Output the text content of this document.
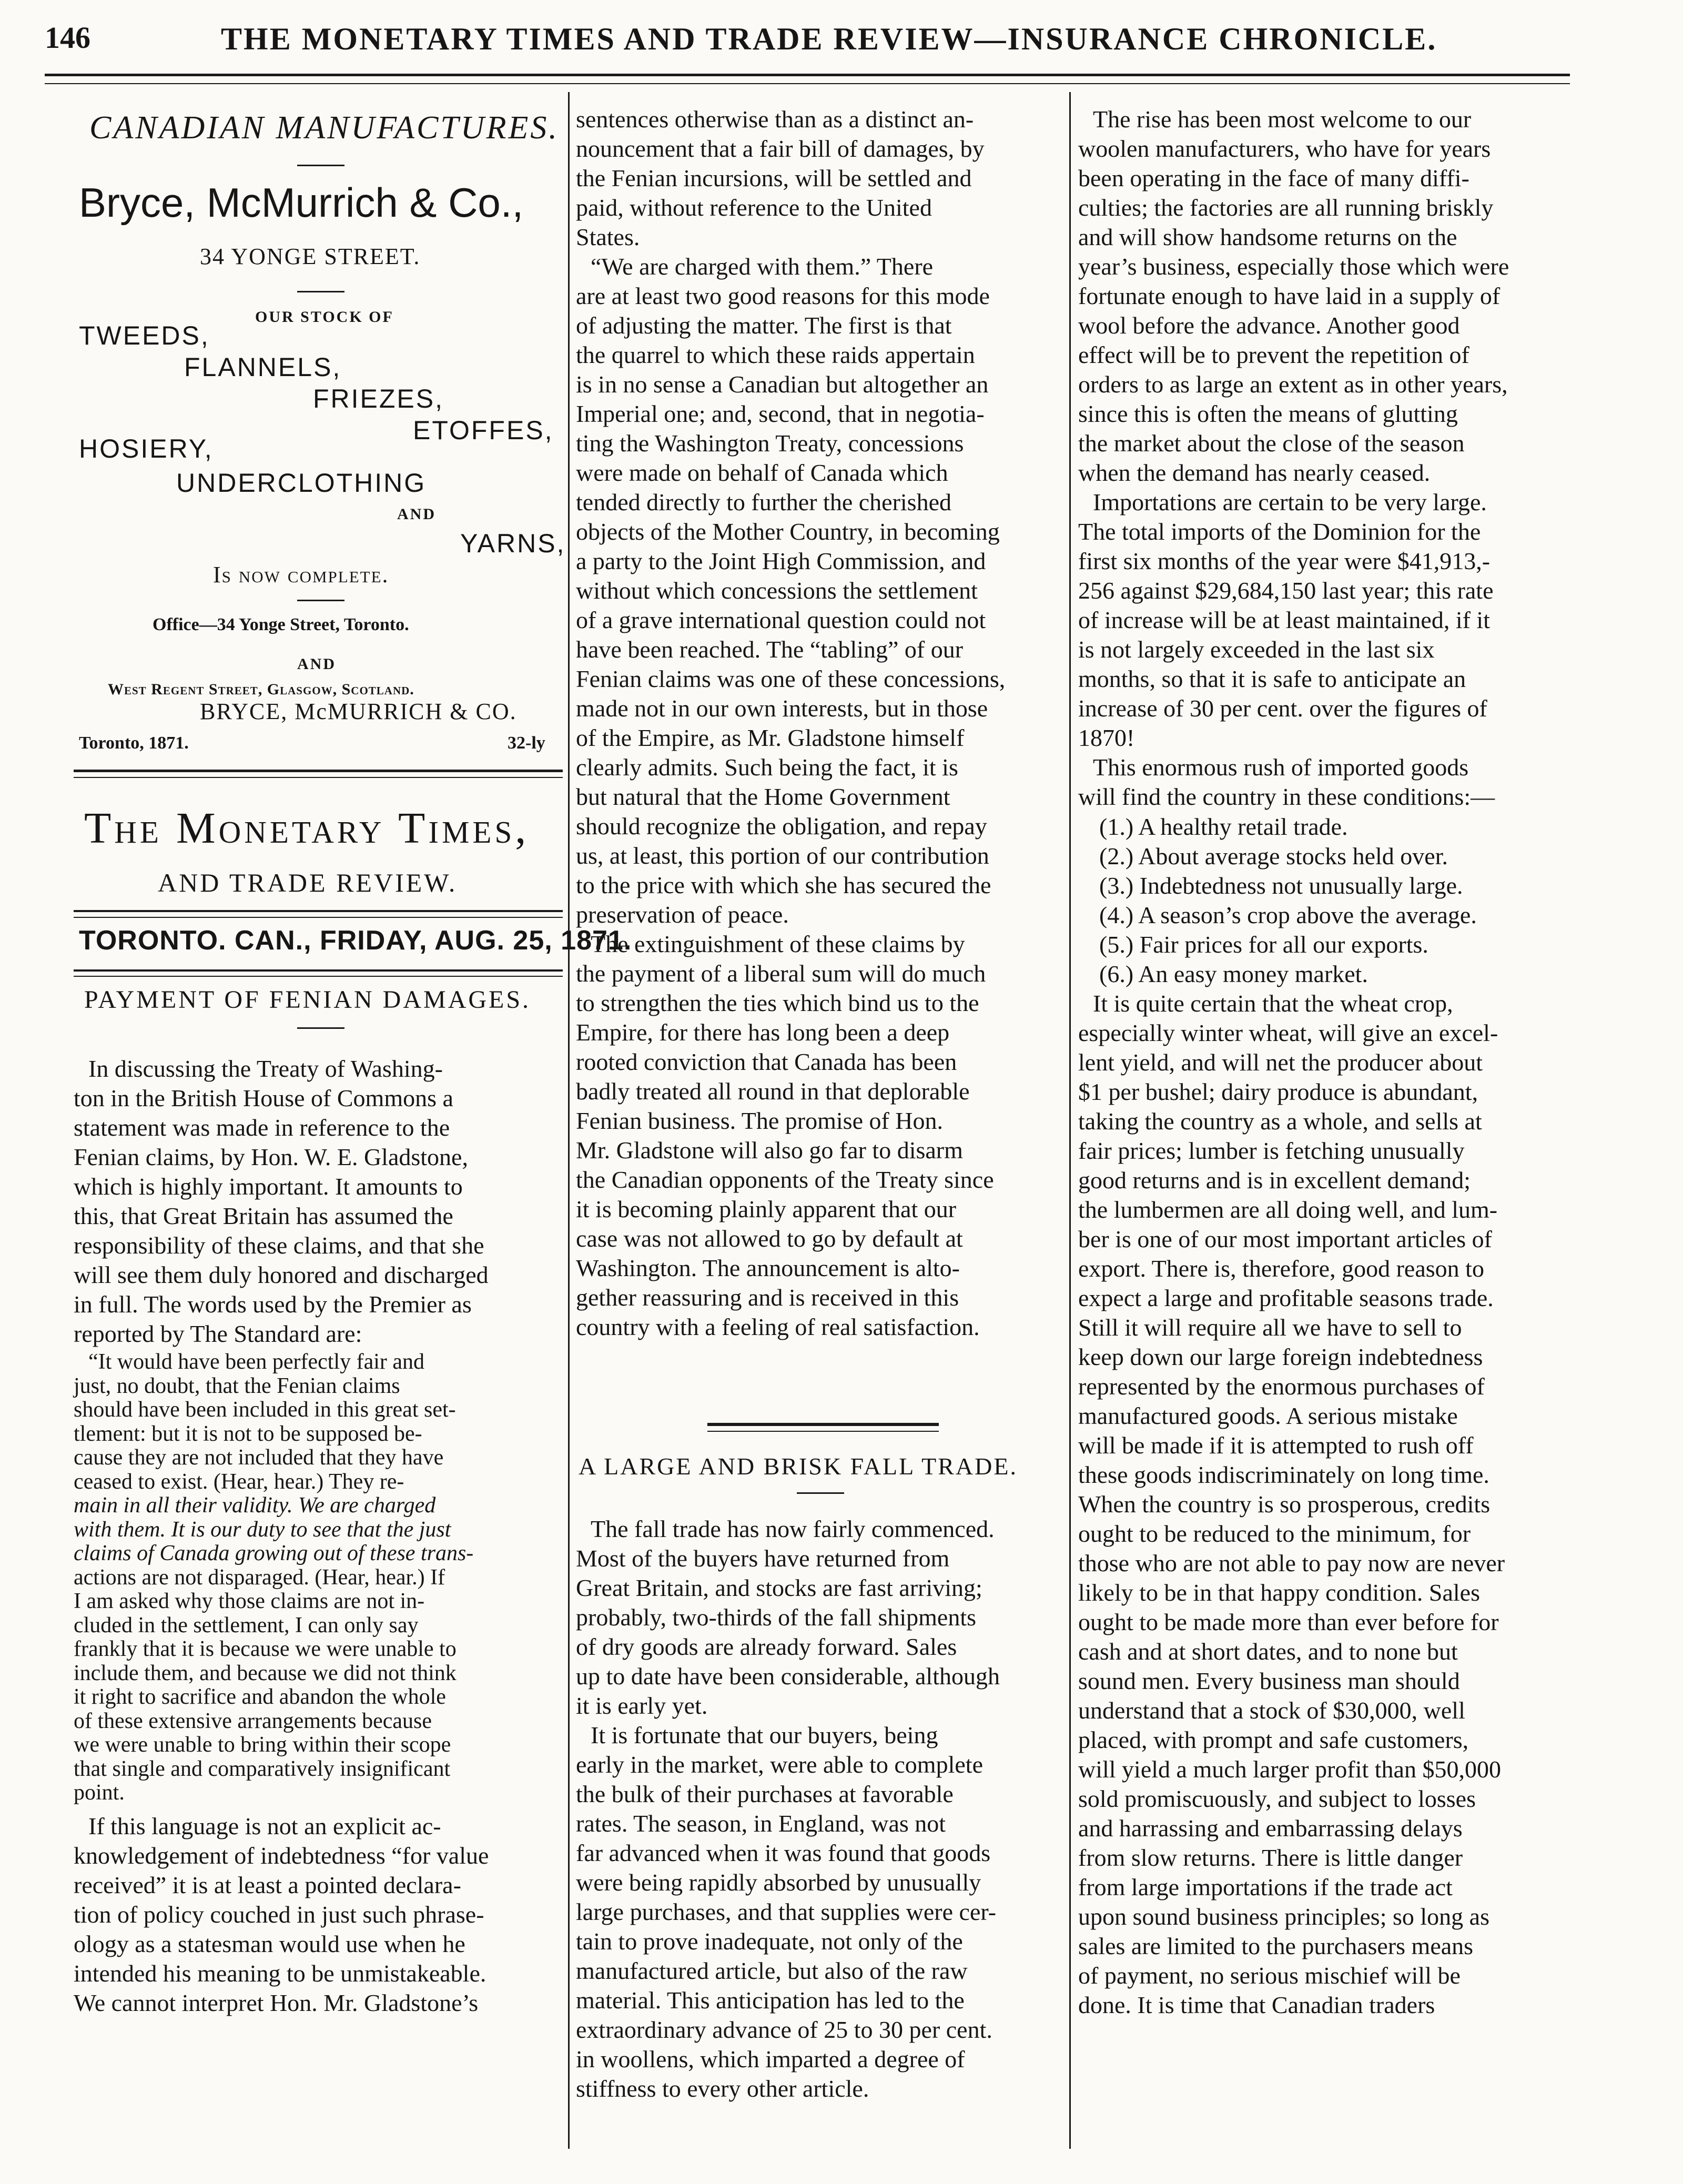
146	THE MONETARY TIMES AND TRADE REVIEW—INSURANCE CHRONICLE.
CANADIAN MANUFACTURES.
Bryce, McMurrich & Co.,
34 YONGE STREET.
OUR STOCK OF
TWEEDS,
FLANNELS,
FRIEZES,
ETOFFES,
HOSIERY,
UNDERCLOTHING
AND
YARNS,
Is now complete.
Office—34 Yonge Street, Toronto.
AND
West Regent Street, Glasgow, Scotland.
BRYCE, McMURRICH & CO.
Toronto, 1871.	32-ly
The Monetary Times,
AND TRADE REVIEW.
TORONTO. CAN., FRIDAY, AUG. 25, 1871.
PAYMENT OF FENIAN DAMAGES.
In discussing the Treaty of Washing-
ton in the British House of Commons a
statement was made in reference to the
Fenian claims, by Hon. W. E. Gladstone,
which is highly important. It amounts to
this, that Great Britain has assumed the
responsibility of these claims, and that she
will see them duly honored and discharged
in full. The words used by the Premier as
reported by The Standard are:
“It would have been perfectly fair and
just, no doubt, that the Fenian claims
should have been included in this great set-
tlement: but it is not to be supposed be-
cause they are not included that they have
ceased to exist. (Hear, hear.) They re-
main in all their validity. We are charged
with them. It is our duty to see that the just
claims of Canada growing out of these trans-
actions are not disparaged. (Hear, hear.) If
I am asked why those claims are not in-
cluded in the settlement, I can only say
frankly that it is because we were unable to
include them, and because we did not think
it right to sacrifice and abandon the whole
of these extensive arrangements because
we were unable to bring within their scope
that single and comparatively insignificant
point.
If this language is not an explicit ac-
knowledgement of indebtedness “for value
received” it is at least a pointed declara-
tion of policy couched in just such phrase-
ology as a statesman would use when he
intended his meaning to be unmistakeable.
We cannot interpret Hon. Mr. Gladstone’s
sentences otherwise than as a distinct an-
nouncement that a fair bill of damages, by
the Fenian incursions, will be settled and
paid, without reference to the United
States.
“We are charged with them.” There
are at least two good reasons for this mode
of adjusting the matter. The first is that
the quarrel to which these raids appertain
is in no sense a Canadian but altogether an
Imperial one; and, second, that in negotia-
ting the Washington Treaty, concessions
were made on behalf of Canada which
tended directly to further the cherished
objects of the Mother Country, in becoming
a party to the Joint High Commission, and
without which concessions the settlement
of a grave international question could not
have been reached. The “tabling” of our
Fenian claims was one of these concessions,
made not in our own interests, but in those
of the Empire, as Mr. Gladstone himself
clearly admits. Such being the fact, it is
but natural that the Home Government
should recognize the obligation, and repay
us, at least, this portion of our contribution
to the price with which she has secured the
preservation of peace.
The extinguishment of these claims by
the payment of a liberal sum will do much
to strengthen the ties which bind us to the
Empire, for there has long been a deep
rooted conviction that Canada has been
badly treated all round in that deplorable
Fenian business. The promise of Hon.
Mr. Gladstone will also go far to disarm
the Canadian opponents of the Treaty since
it is becoming plainly apparent that our
case was not allowed to go by default at
Washington. The announcement is alto-
gether reassuring and is received in this
country with a feeling of real satisfaction.
A LARGE AND BRISK FALL TRADE.
The fall trade has now fairly commenced.
Most of the buyers have returned from
Great Britain, and stocks are fast arriving;
probably, two-thirds of the fall shipments
of dry goods are already forward. Sales
up to date have been considerable, although
it is early yet.
It is fortunate that our buyers, being
early in the market, were able to complete
the bulk of their purchases at favorable
rates. The season, in England, was not
far advanced when it was found that goods
were being rapidly absorbed by unusually
large purchases, and that supplies were cer-
tain to prove inadequate, not only of the
manufactured article, but also of the raw
material. This anticipation has led to the
extraordinary advance of 25 to 30 per cent.
in woollens, which imparted a degree of
stiffness to every other article.
The rise has been most welcome to our
woolen manufacturers, who have for years
been operating in the face of many diffi-
culties; the factories are all running briskly
and will show handsome returns on the
year’s business, especially those which were
fortunate enough to have laid in a supply of
wool before the advance. Another good
effect will be to prevent the repetition of
orders to as large an extent as in other years,
since this is often the means of glutting
the market about the close of the season
when the demand has nearly ceased.
Importations are certain to be very large.
The total imports of the Dominion for the
first six months of the year were $41,913,-
256 against $29,684,150 last year; this rate
of increase will be at least maintained, if it
is not largely exceeded in the last six
months, so that it is safe to anticipate an
increase of 30 per cent. over the figures of
1870!
This enormous rush of imported goods
will find the country in these conditions:—
(1.) A healthy retail trade.
(2.) About average stocks held over.
(3.) Indebtedness not unusually large.
(4.) A season’s crop above the average.
(5.) Fair prices for all our exports.
(6.) An easy money market.
It is quite certain that the wheat crop,
especially winter wheat, will give an excel-
lent yield, and will net the producer about
$1 per bushel; dairy produce is abundant,
taking the country as a whole, and sells at
fair prices; lumber is fetching unusually
good returns and is in excellent demand;
the lumbermen are all doing well, and lum-
ber is one of our most important articles of
export. There is, therefore, good reason to
expect a large and profitable seasons trade.
Still it will require all we have to sell to
keep down our large foreign indebtedness
represented by the enormous purchases of
manufactured goods. A serious mistake
will be made if it is attempted to rush off
these goods indiscriminately on long time.
When the country is so prosperous, credits
ought to be reduced to the minimum, for
those who are not able to pay now are never
likely to be in that happy condition. Sales
ought to be made more than ever before for
cash and at short dates, and to none but
sound men. Every business man should
understand that a stock of $30,000, well
placed, with prompt and safe customers,
will yield a much larger profit than $50,000
sold promiscuously, and subject to losses
and harrassing and embarrassing delays
from slow returns. There is little danger
from large importations if the trade act
upon sound business principles; so long as
sales are limited to the purchasers means
of payment, no serious mischief will be
done. It is time that Canadian traders
